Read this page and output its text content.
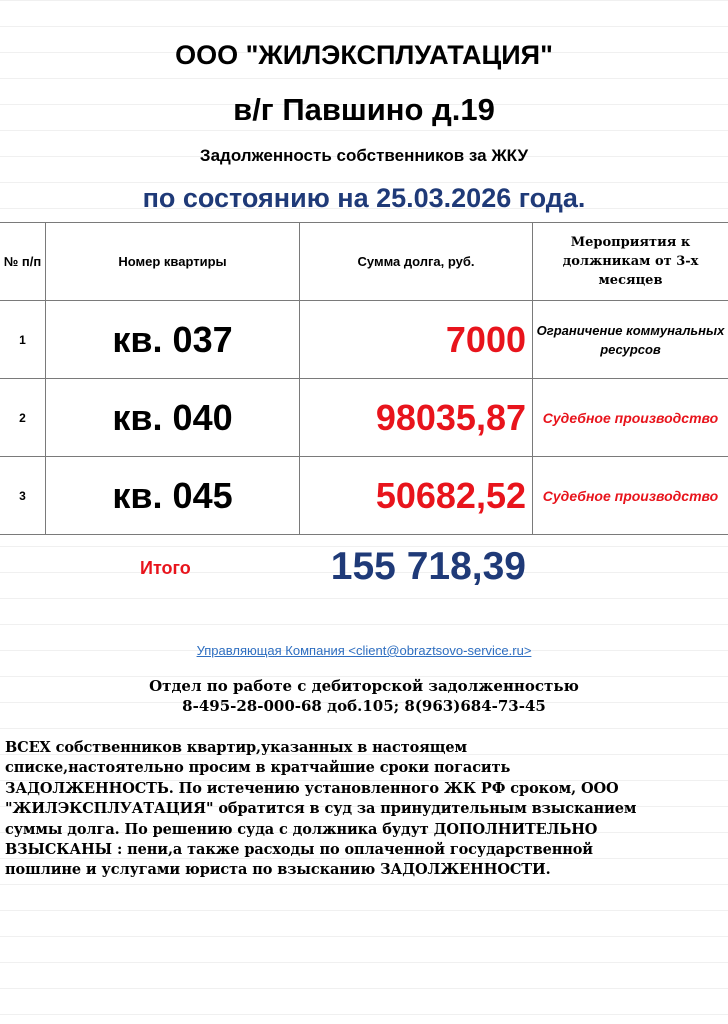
ООО "ЖИЛЭКСПЛУАТАЦИЯ"
в/г Павшино д.19
Задолженность собственников за ЖКУ
по состоянию на 25.03.2026 года.
№ п/п	Номер квартиры	Сумма долга, руб.	Мероприятия к должникам от 3-х месяцев
1	кв. 037	7000	Ограничение коммунальных ресурсов
2	кв. 040	98035,87	Судебное производство
3	кв. 045	50682,52	Судебное производство
Итого	155 718,39
Управляющая Компания <client@obraztsovo-service.ru>
Отдел по работе с дебиторской задолженностью
8-495-28-000-68 доб.105; 8(963)684-73-45
ВСЕХ собственников квартир,указанных в настоящем
списке,настоятельно просим в кратчайшие сроки погасить
ЗАДОЛЖЕННОСТЬ. По истечению установленного ЖК РФ сроком, ООО
"ЖИЛЭКСПЛУАТАЦИЯ" обратится в суд за принудительным взысканием
суммы долга. По решению суда с должника будут ДОПОЛНИТЕЛЬНО
ВЗЫСКАНЫ : пени,а также расходы по оплаченной государственной
пошлине и услугами юриста по взысканию ЗАДОЛЖЕННОСТИ.
